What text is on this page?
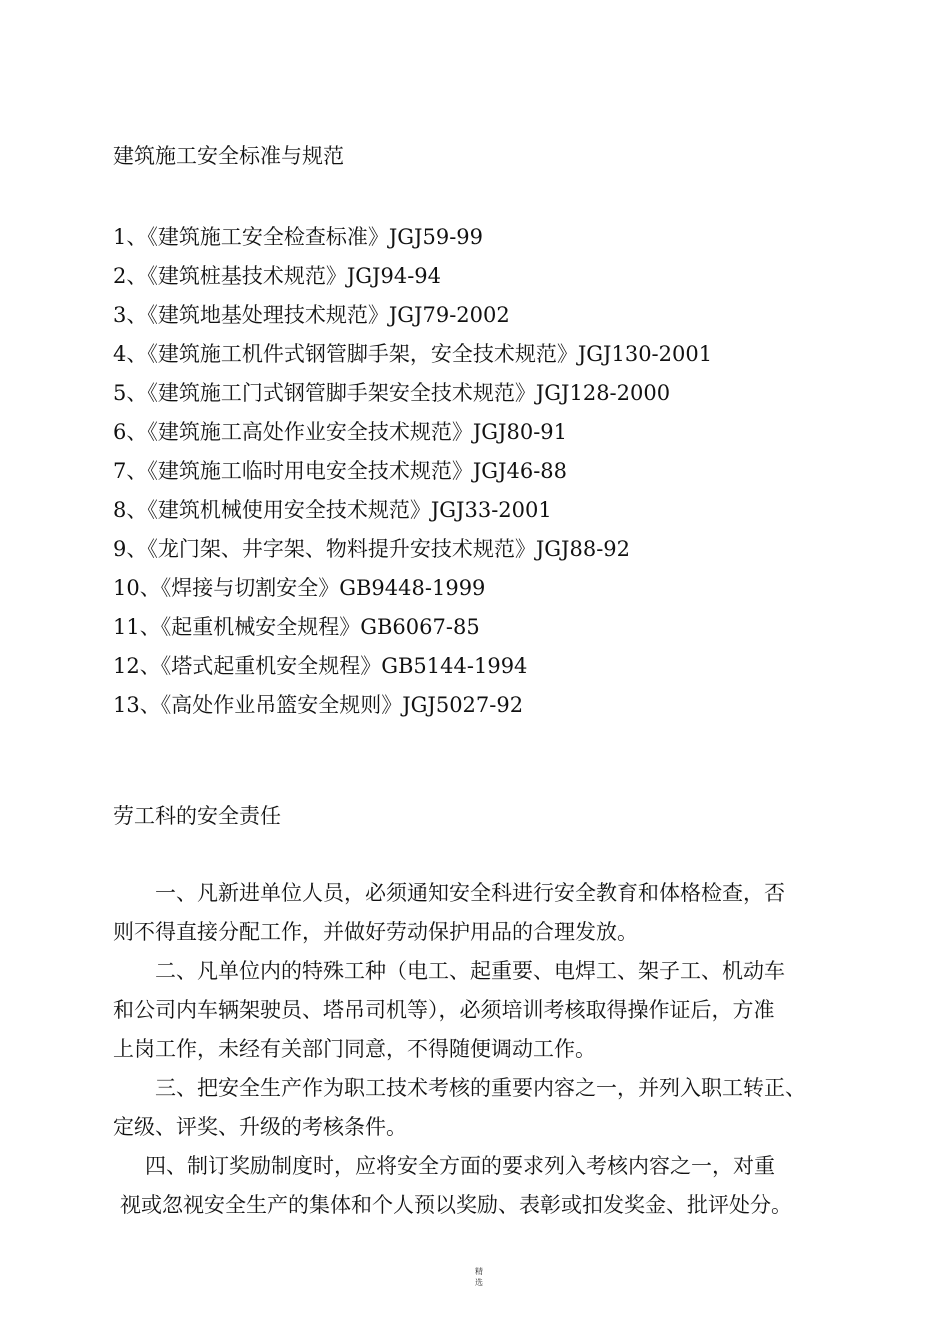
建筑施工安全标准与规范
1、《建筑施工安全检查标准》JGJ59-99
2、《建筑桩基技术规范》JGJ94-94
3、《建筑地基处理技术规范》JGJ79-2002
4、《建筑施工机件式钢管脚手架，安全技术规范》JGJ130-2001
5、《建筑施工门式钢管脚手架安全技术规范》JGJ128-2000
6、《建筑施工高处作业安全技术规范》JGJ80-91
7、《建筑施工临时用电安全技术规范》JGJ46-88
8、《建筑机械使用安全技术规范》JGJ33-2001
9、《龙门架、井字架、物料提升安技术规范》JGJ88-92
10、《焊接与切割安全》GB9448-1999
11、《起重机械安全规程》GB6067-85
12、《塔式起重机安全规程》GB5144-1994
13、《高处作业吊篮安全规则》JGJ5027-92
劳工科的安全责任
一、凡新进单位人员，必须通知安全科进行安全教育和体格检查，否
则不得直接分配工作，并做好劳动保护用品的合理发放。
二、凡单位内的特殊工种（电工、起重要、电焊工、架子工、机动车
和公司内车辆架驶员、塔吊司机等），必须培训考核取得操作证后，方准
上岗工作，未经有关部门同意，不得随便调动工作。
三、把安全生产作为职工技术考核的重要内容之一，并列入职工转正、
定级、评奖、升级的考核条件。
四、制订奖励制度时，应将安全方面的要求列入考核内容之一，对重
视或忽视安全生产的集体和个人预以奖励、表彰或扣发奖金、批评处分。
精
选
